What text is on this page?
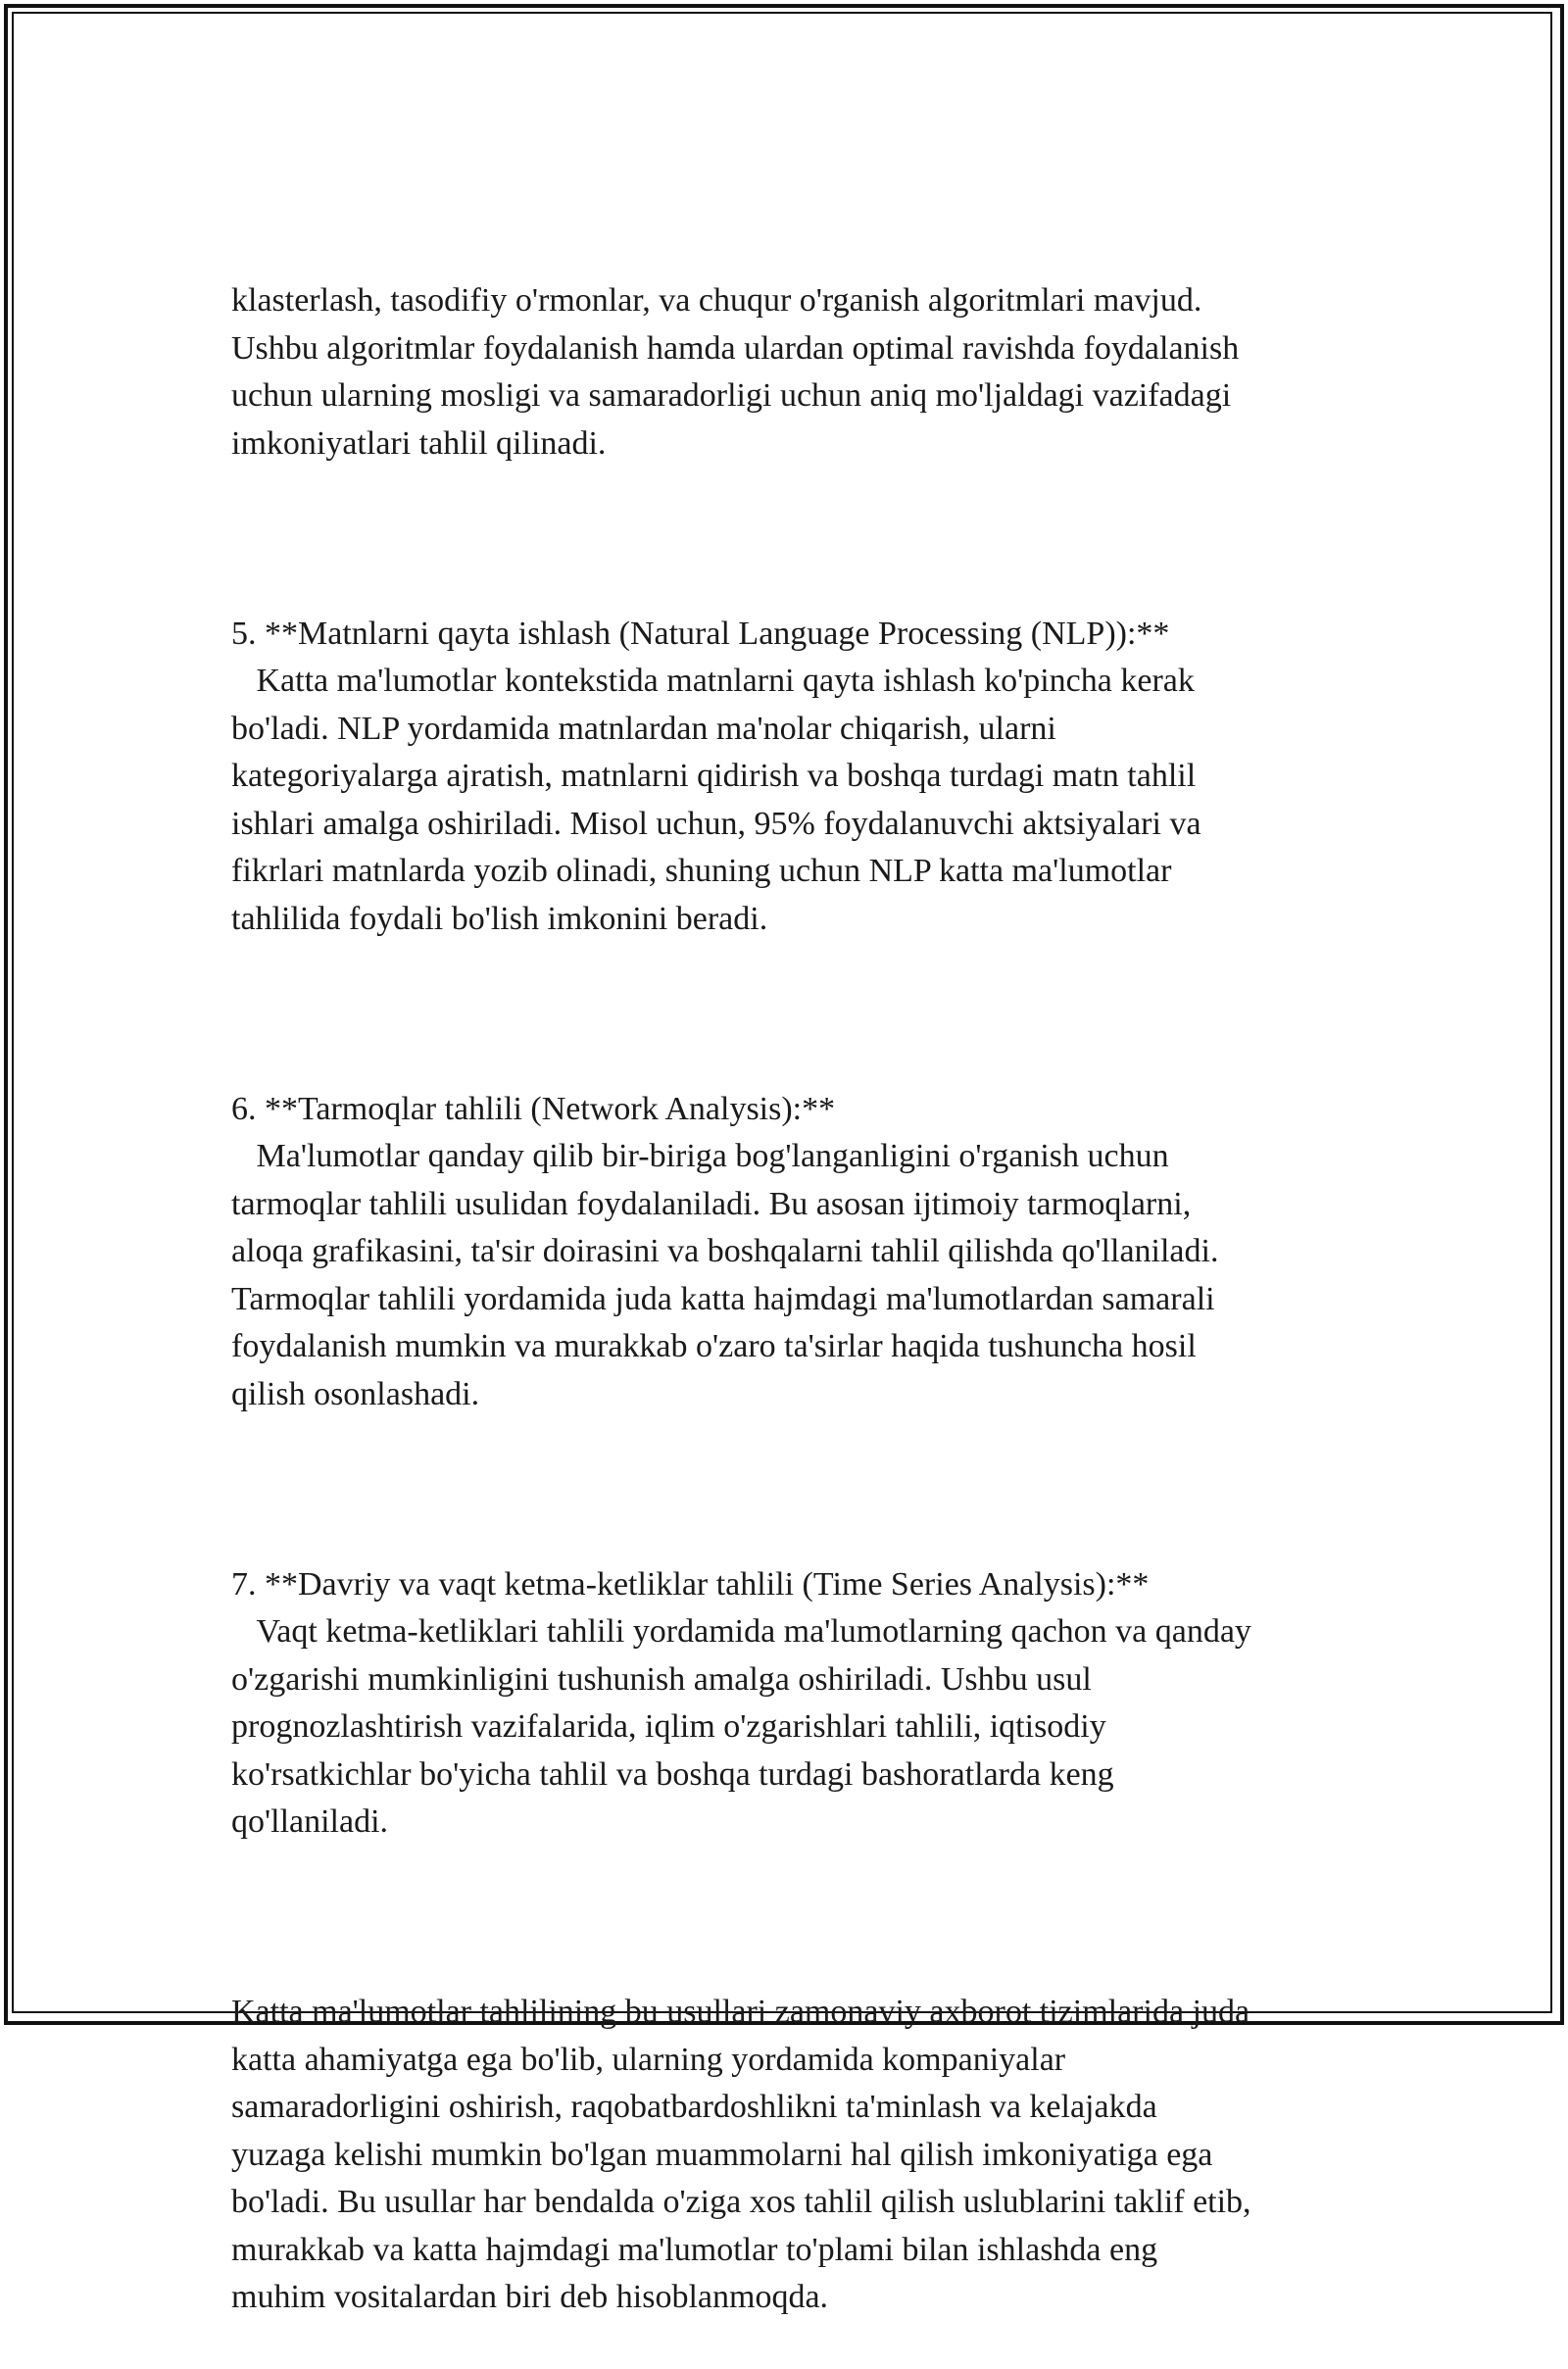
klasterlash, tasodifiy o'rmonlar, va chuqur o'rganish algoritmlari mavjud.
Ushbu algoritmlar foydalanish hamda ulardan optimal ravishda foydalanish
uchun ularning mosligi va samaradorligi uchun aniq mo'ljaldagi vazifadagi
imkoniyatlari tahlil qilinadi.

5. **Matnlarni qayta ishlash (Natural Language Processing (NLP)):**
Katta ma'lumotlar kontekstida matnlarni qayta ishlash ko'pincha kerak
bo'ladi. NLP yordamida matnlardan ma'nolar chiqarish, ularni
kategoriyalarga ajratish, matnlarni qidirish va boshqa turdagi matn tahlil
ishlari amalga oshiriladi. Misol uchun, 95% foydalanuvchi aktsiyalari va
fikrlari matnlarda yozib olinadi, shuning uchun NLP katta ma'lumotlar
tahlilida foydali bo'lish imkonini beradi.

6. **Tarmoqlar tahlili (Network Analysis):**
Ma'lumotlar qanday qilib bir-biriga bog'langanligini o'rganish uchun
tarmoqlar tahlili usulidan foydalaniladi. Bu asosan ijtimoiy tarmoqlarni,
aloqa grafikasini, ta'sir doirasini va boshqalarni tahlil qilishda qo'llaniladi.
Tarmoqlar tahlili yordamida juda katta hajmdagi ma'lumotlardan samarali
foydalanish mumkin va murakkab o'zaro ta'sirlar haqida tushuncha hosil
qilish osonlashadi.

7. **Davriy va vaqt ketma-ketliklar tahlili (Time Series Analysis):**
Vaqt ketma-ketliklari tahlili yordamida ma'lumotlarning qachon va qanday
o'zgarishi mumkinligini tushunish amalga oshiriladi. Ushbu usul
prognozlashtirish vazifalarida, iqlim o'zgarishlari tahlili, iqtisodiy
ko'rsatkichlar bo'yicha tahlil va boshqa turdagi bashoratlarda keng
qo'llaniladi.

Katta ma'lumotlar tahlilining bu usullari zamonaviy axborot tizimlarida juda
katta ahamiyatga ega bo'lib, ularning yordamida kompaniyalar
samaradorligini oshirish, raqobatbardoshlikni ta'minlash va kelajakda
yuzaga kelishi mumkin bo'lgan muammolarni hal qilish imkoniyatiga ega
bo'ladi. Bu usullar har bendalda o'ziga xos tahlil qilish uslublarini taklif etib,
murakkab va katta hajmdagi ma'lumotlar to'plami bilan ishlashda eng
muhim vositalardan biri deb hisoblanmoqda.
